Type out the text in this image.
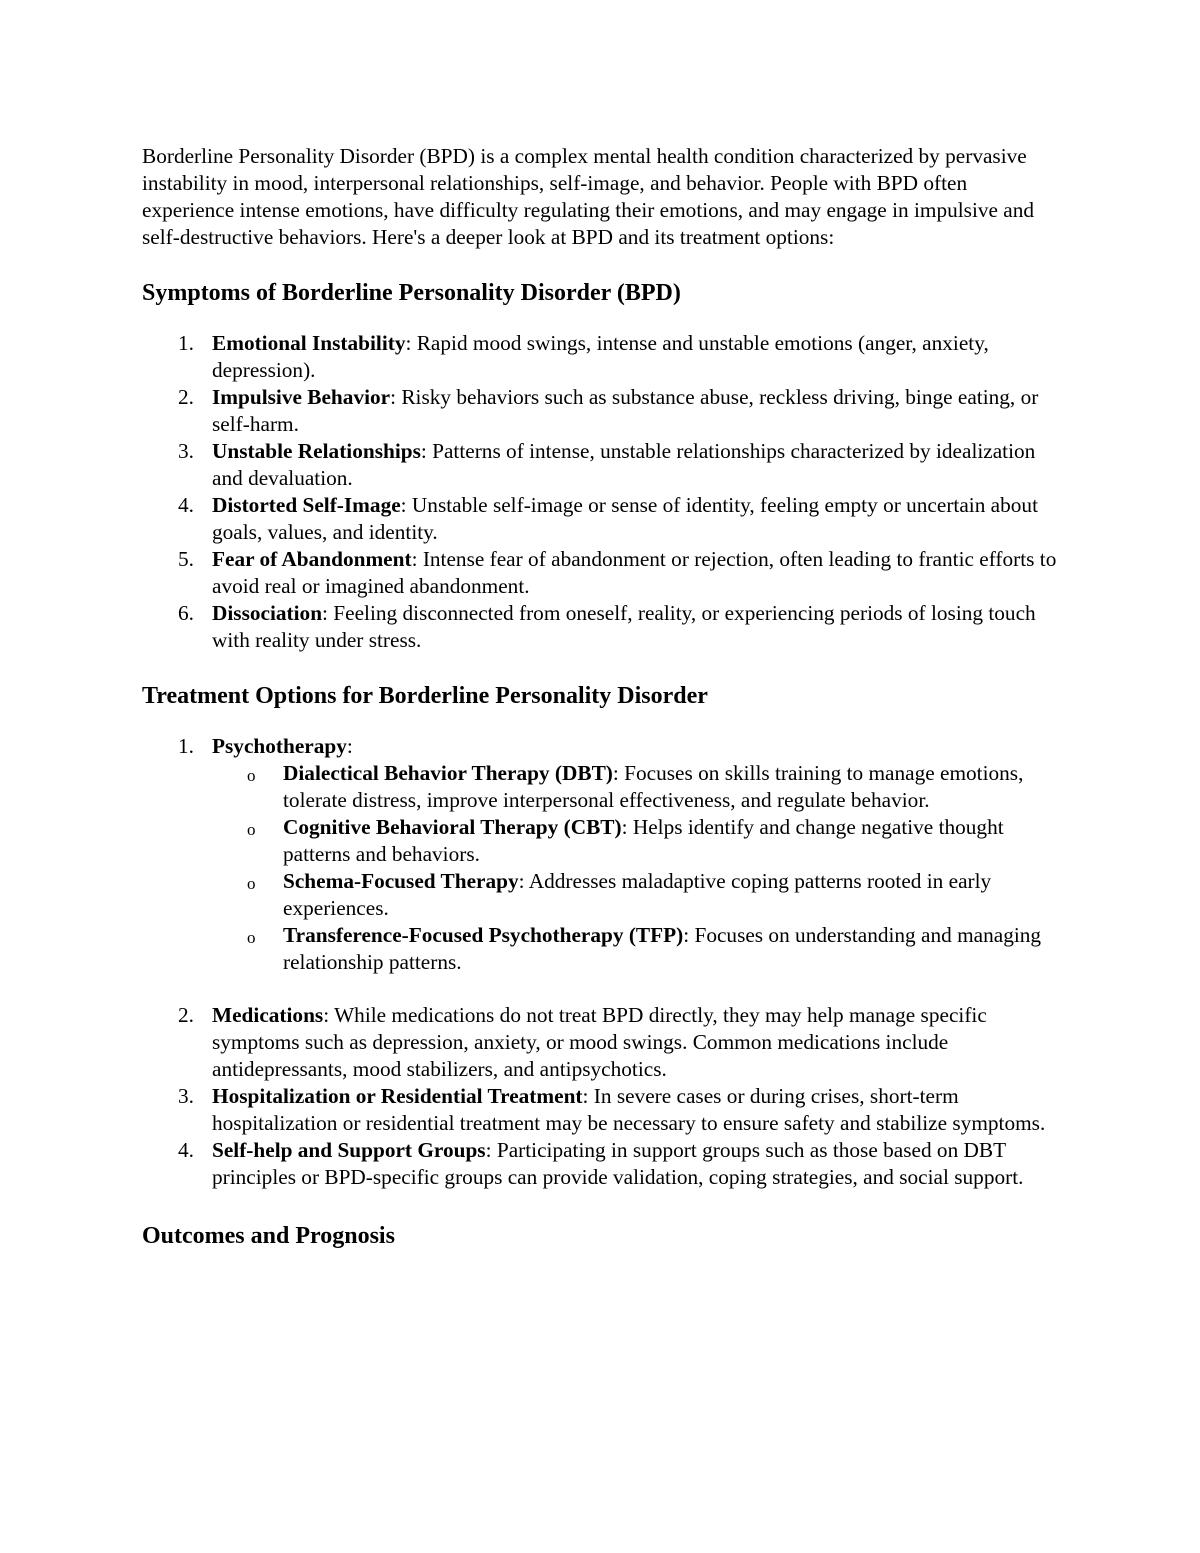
Borderline Personality Disorder (BPD) is a complex mental health condition characterized by pervasive instability in mood, interpersonal relationships, self-image, and behavior. People with BPD often experience intense emotions, have difficulty regulating their emotions, and may engage in impulsive and self-destructive behaviors. Here's a deeper look at BPD and its treatment options:

Symptoms of Borderline Personality Disorder (BPD)
1. Emotional Instability: Rapid mood swings, intense and unstable emotions (anger, anxiety, depression).
2. Impulsive Behavior: Risky behaviors such as substance abuse, reckless driving, binge eating, or self-harm.
3. Unstable Relationships: Patterns of intense, unstable relationships characterized by idealization and devaluation.
4. Distorted Self-Image: Unstable self-image or sense of identity, feeling empty or uncertain about goals, values, and identity.
5. Fear of Abandonment: Intense fear of abandonment or rejection, often leading to frantic efforts to avoid real or imagined abandonment.
6. Dissociation: Feeling disconnected from oneself, reality, or experiencing periods of losing touch with reality under stress.
Treatment Options for Borderline Personality Disorder
1. Psychotherapy:
o Dialectical Behavior Therapy (DBT): Focuses on skills training to manage emotions, tolerate distress, improve interpersonal effectiveness, and regulate behavior.
o Cognitive Behavioral Therapy (CBT): Helps identify and change negative thought patterns and behaviors.
o Schema-Focused Therapy: Addresses maladaptive coping patterns rooted in early experiences.
o Transference-Focused Psychotherapy (TFP): Focuses on understanding and managing relationship patterns.
2. Medications: While medications do not treat BPD directly, they may help manage specific symptoms such as depression, anxiety, or mood swings. Common medications include antidepressants, mood stabilizers, and antipsychotics.
3. Hospitalization or Residential Treatment: In severe cases or during crises, short-term hospitalization or residential treatment may be necessary to ensure safety and stabilize symptoms.
4. Self-help and Support Groups: Participating in support groups such as those based on DBT principles or BPD-specific groups can provide validation, coping strategies, and social support.
Outcomes and Prognosis
